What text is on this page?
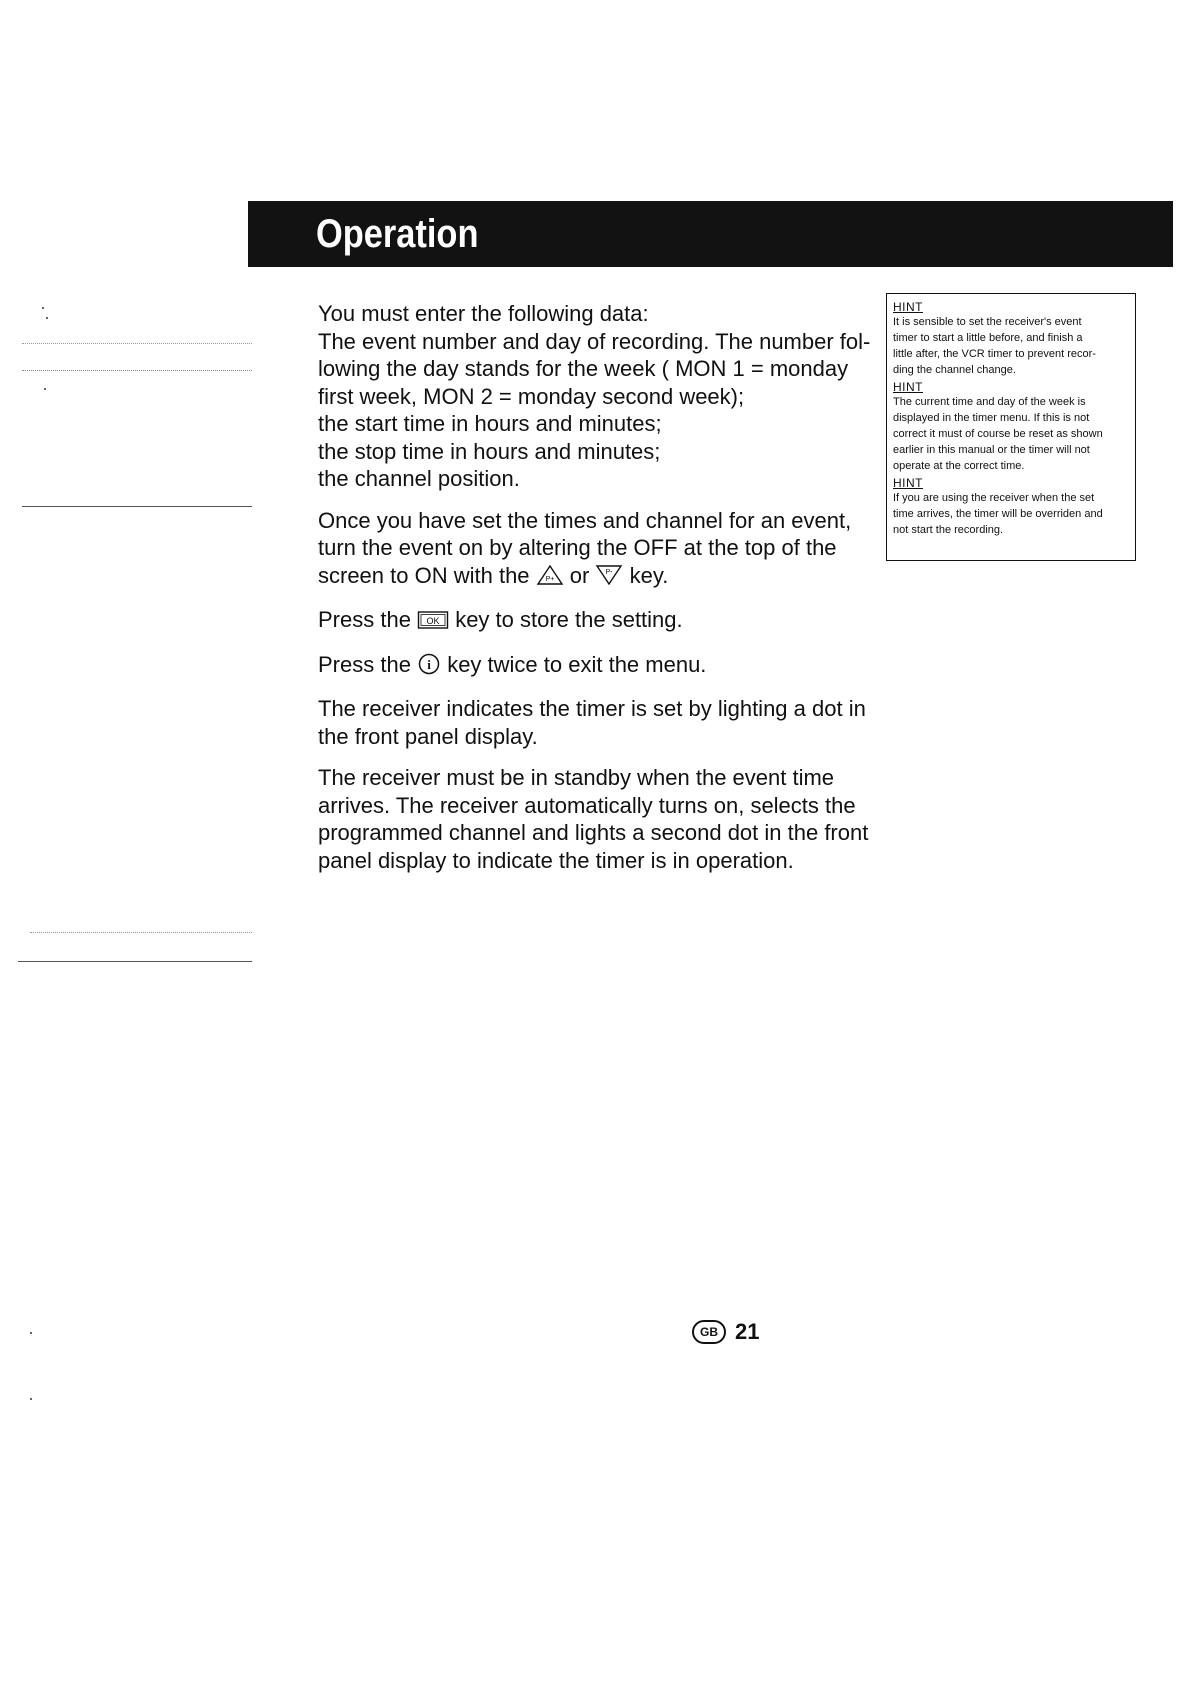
Operation

You must enter the following data:
The event number and day of recording. The number fol-
lowing the day stands for the week ( MON 1 = monday
first week, MON 2 = monday second week);
the start time in hours and minutes;
the stop time in hours and minutes;
the channel position.

Once you have set the times and channel for an event,
turn the event on by altering the OFF at the top of the
screen to ON with the P+ or P- key.

Press the OK key to store the setting.

Press the i key twice to exit the menu.

The receiver indicates the timer is set by lighting a dot in
the front panel display.

The receiver must be in standby when the event time
arrives. The receiver automatically turns on, selects the
programmed channel and lights a second dot in the front
panel display to indicate the timer is in operation.

HINT
It is sensible to set the receiver's event
timer to start a little before, and finish a
little after, the VCR timer to prevent recor-
ding the channel change.
HINT
The current time and day of the week is
displayed in the timer menu. If this is not
correct it must of course be reset as shown
earlier in this manual or the timer will not
operate at the correct time.
HINT
If you are using the receiver when the set
time arrives, the timer will be overriden and
not start the recording.
GB 21
